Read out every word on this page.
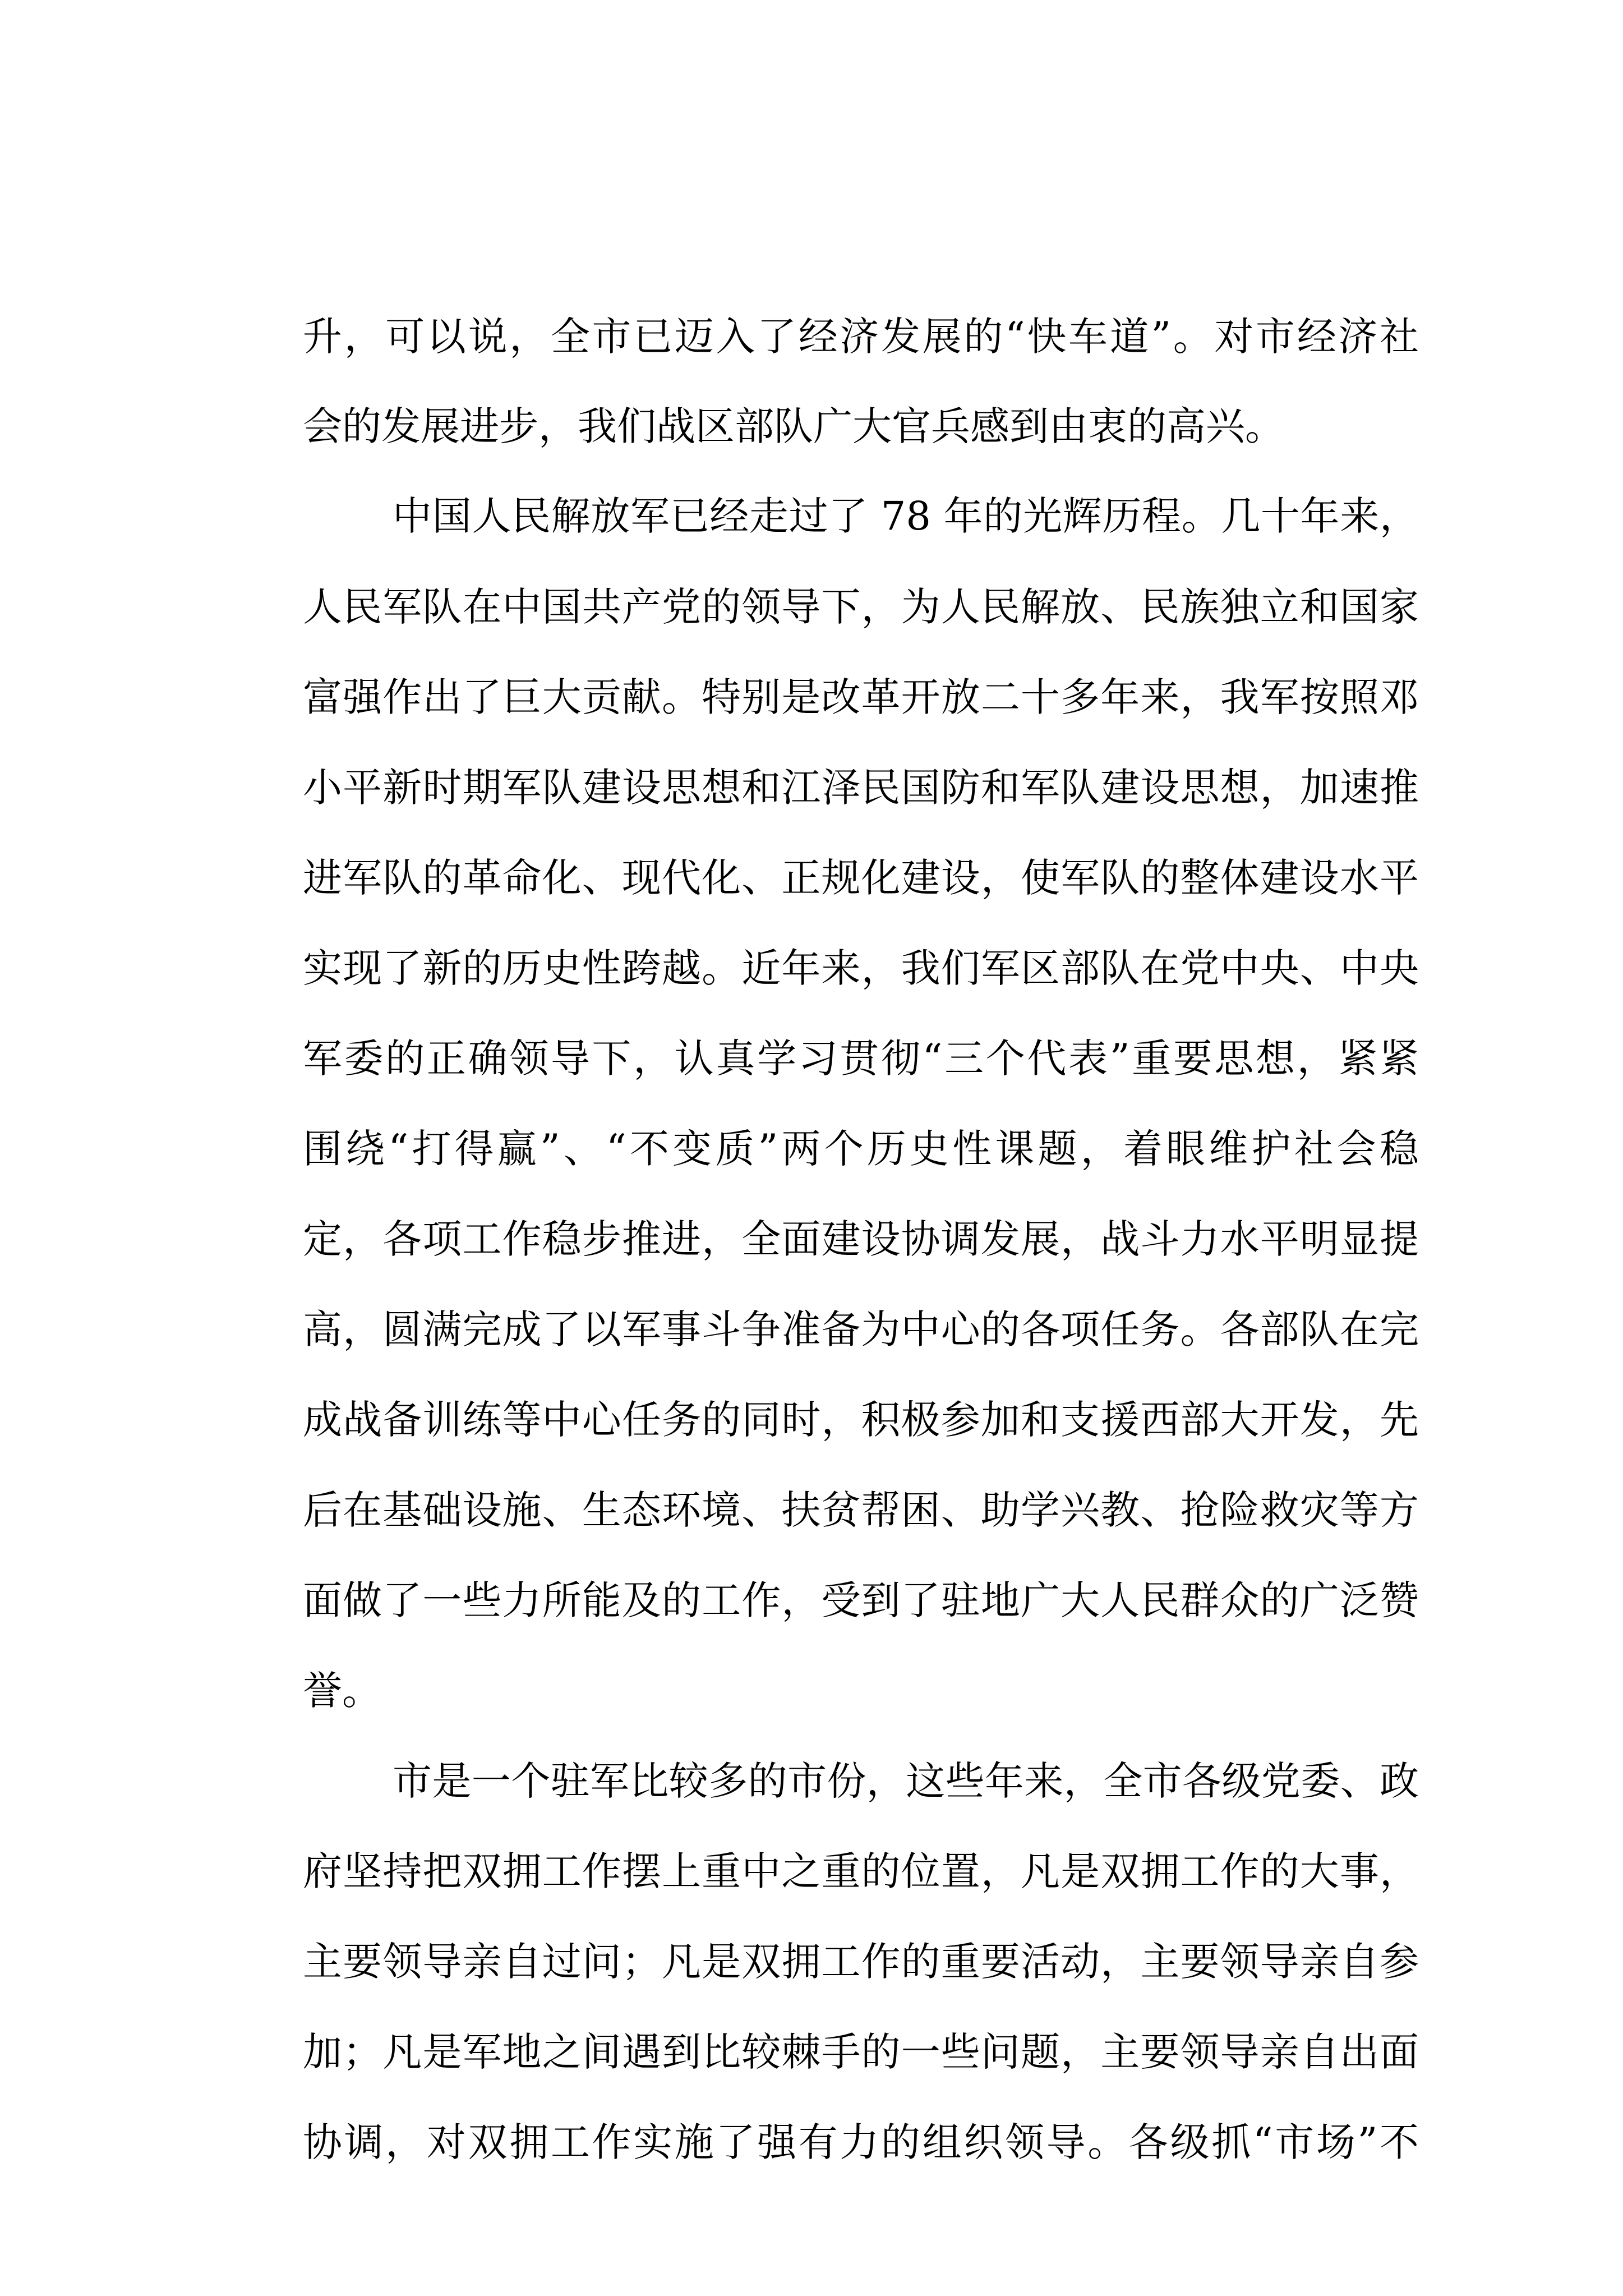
升，可以说，全市已迈入了经济发展的“快车道”。对市经济社
会的发展进步，我们战区部队广大官兵感到由衷的高兴。
中国人民解放军已经走过了 78 年的光辉历程。几十年来，
人民军队在中国共产党的领导下，为人民解放、民族独立和国家
富强作出了巨大贡献。特别是改革开放二十多年来，我军按照邓
小平新时期军队建设思想和江泽民国防和军队建设思想，加速推
进军队的革命化、现代化、正规化建设，使军队的整体建设水平
实现了新的历史性跨越。近年来，我们军区部队在党中央、中央
军委的正确领导下，认真学习贯彻“三个代表”重要思想，紧紧
围绕“打得赢”、“不变质”两个历史性课题，着眼维护社会稳
定，各项工作稳步推进，全面建设协调发展，战斗力水平明显提
高，圆满完成了以军事斗争准备为中心的各项任务。各部队在完
成战备训练等中心任务的同时，积极参加和支援西部大开发，先
后在基础设施、生态环境、扶贫帮困、助学兴教、抢险救灾等方
面做了一些力所能及的工作，受到了驻地广大人民群众的广泛赞
誉。
市是一个驻军比较多的市份，这些年来，全市各级党委、政
府坚持把双拥工作摆上重中之重的位置，凡是双拥工作的大事，
主要领导亲自过问；凡是双拥工作的重要活动，主要领导亲自参
加；凡是军地之间遇到比较棘手的一些问题，主要领导亲自出面
协调，对双拥工作实施了强有力的组织领导。各级抓“市场”不
